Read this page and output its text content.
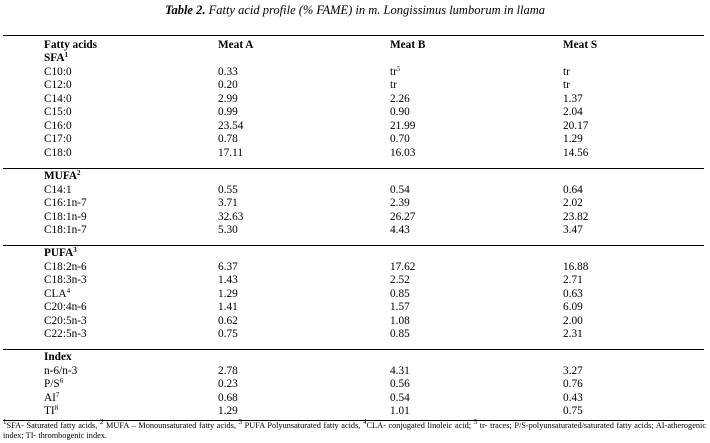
Table 2. Fatty acid profile (% FAME) in m. Longissimus lumborum in llama
Fatty acids	Meat A	Meat B	Meat S
SFA$^1$
C10:0	0.33	$tr^5$	tr
C12:0	0.20	tr	tr
C14:0	2.99	2.26	1.37
C15:0	0.99	0.90	2.04
C16:0	23.54	21.99	20.17
C17:0	0.78	0.70	1.29
C18:0	17.11	16.03	14.56
MUFA$^2$
C14:1	0.55	0.54	0.64
C16:1n-7	3.71	2.39	2.02
C18:1n-9	32.63	26.27	23.82
C18:1n-7	5.30	4.43	3.47
PUFA$^3$
C18:2n-6	6.37	17.62	16.88
C18:3n-3	1.43	2.52	2.71
CLA$^4$	1.29	0.85	0.63
C20:4n-6	1.41	1.57	6.09
C20:5n-3	0.62	1.08	2.00
C22:5n-3	0.75	0.85	2.31
Index
n-6/n-3	2.78	4.31	3.27
$P/S^6$	0.23	0.56	0.76
$AI^7$	0.68	0.54	0.43
$TI^8$	1.29	1.01	0.75
$^1$SFA- Saturated fatty acids, $^2$ MUFA – Monounsaturated fatty acids, $^3$ PUFA Polyunsaturated fatty acids, $^4$CLA- conjugated linoleic acid; $^5$ tr- traces; P/S-polyunsaturated/saturated fatty acids; AI-atherogenic index; TI- thrombogenic index.
